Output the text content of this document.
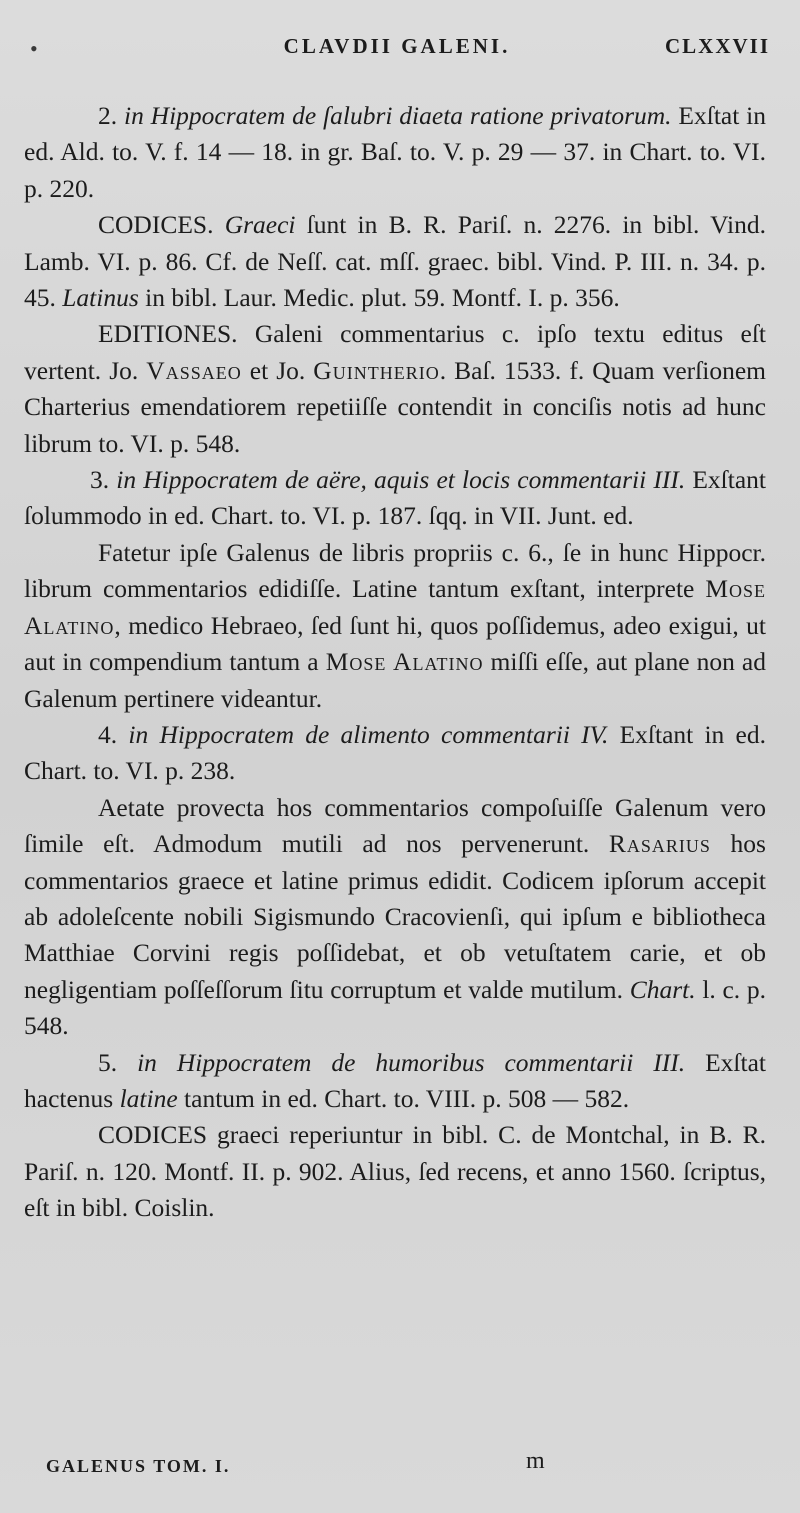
•	CLAVDII GALENI.	CLXXVII

2. in Hippocratem de ſalubri diaeta ratione privatorum. Exſtat in ed. Ald. to. V. f. 14 — 18. in gr. Baſ. to. V. p. 29 — 37. in Chart. to. VI. p. 220.

CODICES. Graeci ſunt in B. R. Pariſ. n. 2276. in bibl. Vind. Lamb. VI. p. 86. Cf. de Neſſ. cat. mſſ. graec. bibl. Vind. P. III. n. 34. p. 45. Latinus in bibl. Laur. Medic. plut. 59. Montf. I. p. 356.

EDITIONES. Galeni commentarius c. ipſo textu editus eſt vertent. Jo. Vassaeo et Jo. Guintherio. Baſ. 1533. f. Quam verſionem Charterius emendatiorem repetiiſſe contendit in conciſis notis ad hunc librum to. VI. p. 548.

3. in Hippocratem de aëre, aquis et locis commentarii III. Exſtant ſolummodo in ed. Chart. to. VI. p. 187. ſqq. in VII. Junt. ed.

Fatetur ipſe Galenus de libris propriis c. 6., ſe in hunc Hippocr. librum commentarios edidiſſe. Latine tantum exſtant, interprete Mose Alatino, medico Hebraeo, ſed ſunt hi, quos poſſidemus, adeo exigui, ut aut in compendium tantum a Mose Alatino miſſi eſſe, aut plane non ad Galenum pertinere videantur.

4. in Hippocratem de alimento commentarii IV. Exſtant in ed. Chart. to. VI. p. 238.

Aetate provecta hos commentarios compoſuiſſe Galenum vero ſimile eſt. Admodum mutili ad nos pervenerunt. Rasarius hos commentarios graece et latine primus edidit. Codicem ipſorum accepit ab adoleſcente nobili Sigismundo Cracovienſi, qui ipſum e bibliotheca Matthiae Corvini regis poſſidebat, et ob vetuſtatem carie, et ob negligentiam poſſeſſorum ſitu corruptum et valde mutilum. Chart. l. c. p. 548.

5. in Hippocratem de humoribus commentarii III. Exſtat hactenus latine tantum in ed. Chart. to. VIII. p. 508 — 582.

CODICES graeci reperiuntur in bibl. C. de Montchal, in B. R. Pariſ. n. 120. Montf. II. p. 902. Alius, ſed recens, et anno 1560. ſcriptus, eſt in bibl. Coislin.

GALENUS TOM. I.	m
